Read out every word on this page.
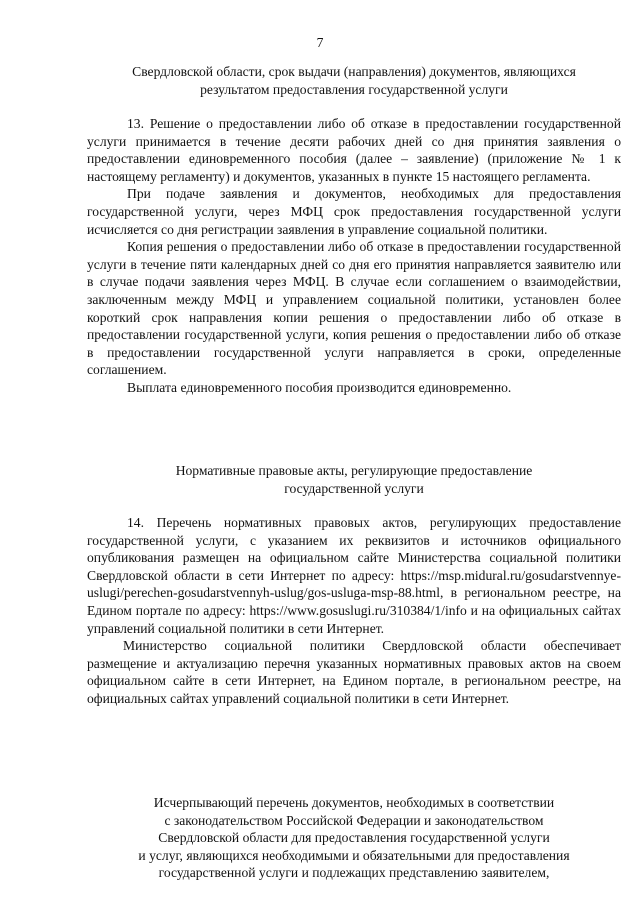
7
Свердловской области, срок выдачи (направления) документов, являющихся
результатом предоставления государственной услуги

13. Решение о предоставлении либо об отказе в предоставлении государственной услуги принимается в течение десяти рабочих дней со дня принятия заявления о предоставлении единовременного пособия (далее – заявление) (приложение № 1 к настоящему регламенту) и документов, указанных в пункте 15 настоящего регламента.

При подаче заявления и документов, необходимых для предоставления государственной услуги, через МФЦ срок предоставления государственной услуги исчисляется со дня регистрации заявления в управление социальной политики.

Копия решения о предоставлении либо об отказе в предоставлении государственной услуги в течение пяти календарных дней со дня его принятия направляется заявителю или в случае подачи заявления через МФЦ. В случае если соглашением о взаимодействии, заключенным между МФЦ и управлением социальной политики, установлен более короткий срок направления копии решения о предоставлении либо об отказе в предоставлении государственной услуги, копия решения о предоставлении либо об отказе в предоставлении государственной услуги направляется в сроки, определенные соглашением.

Выплата единовременного пособия производится единовременно.

Нормативные правовые акты, регулирующие предоставление
государственной услуги

14. Перечень нормативных правовых актов, регулирующих предоставление государственной услуги, с указанием их реквизитов и источников официального опубликования размещен на официальном сайте Министерства социальной политики Свердловской области в сети Интернет по адресу: https://msp.midural.ru/gosudarstvennye-uslugi/perechen-gosudarstvennyh-uslug/gos-usluga-msp-88.html, в региональном реестре, на Едином портале по адресу: https://www.gosuslugi.ru/310384/1/info и на официальных сайтах управлений социальной политики в сети Интернет.

Министерство социальной политики Свердловской области обеспечивает размещение и актуализацию перечня указанных нормативных правовых актов на своем официальном сайте в сети Интернет, на Едином портале, в региональном реестре, на официальных сайтах управлений социальной политики в сети Интернет.

Исчерпывающий перечень документов, необходимых в соответствии
с законодательством Российской Федерации и законодательством
Свердловской области для предоставления государственной услуги
и услуг, являющихся необходимыми и обязательными для предоставления
государственной услуги и подлежащих представлению заявителем,
